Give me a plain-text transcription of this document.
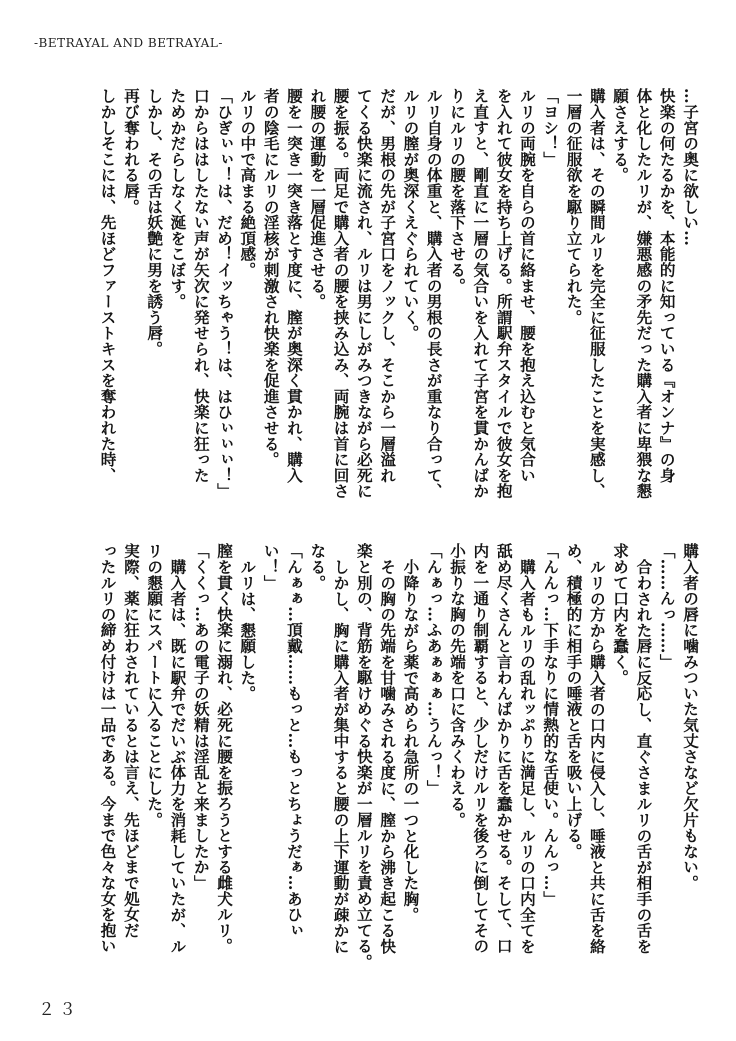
-BETRAYAL AND BETRAYAL-
…子宮の奥に欲しい…
快楽の何たるかを、本能的に知っている『オンナ』の身
体と化したルリが、嫌悪感の矛先だった購入者に卑猥な懇
願さえする。
購入者は、その瞬間ルリを完全に征服したことを実感し、
一層の征服欲を駆り立てられた。
「ヨシ！」
ルリの両腕を自らの首に絡ませ、腰を抱え込むと気合い
を入れて彼女を持ち上げる。所謂駅弁スタイルで彼女を抱
え直すと、剛直に一層の気合いを入れて子宮を貫かんばか
りにルリの腰を落下させる。
ルリ自身の体重と、購入者の男根の長さが重なり合って、
ルリの膣が奥深くえぐられていく。
だが、男根の先が子宮口をノックし、そこから一層溢れ
てくる快楽に流され、ルリは男にしがみつきながら必死に
腰を振る。両足で購入者の腰を挟み込み、両腕は首に回さ
れ腰の運動を一層促進させる。
腰を一突き一突き落とす度に、膣が奥深く貫かれ、購入
者の陰毛にルリの淫核が刺激され快楽を促進させる。
ルリの中で高まる絶頂感。
「ひぎぃぃ！は、だめ！イッちゃう！は、はひぃぃぃ！」
口からははしたない声が矢次に発せられ、快楽に狂った
ためかだらしなく涎をこぼす。
しかし、その舌は妖艶に男を誘う唇。
再び奪われる唇。
しかしそこには、先ほどファーストキスを奪われた時、
購入者の唇に噛みついた気丈さなど欠片もない。
「……んっ……」
合わされた唇に反応し、直ぐさまルリの舌が相手の舌を
求めて口内を蠢く。
ルリの方から購入者の口内に侵入し、唾液と共に舌を絡
め、積極的に相手の唾液と舌を吸い上げる。
「んんっ…下手なりに情熱的な舌使い。んんっ…」
購入者もルリの乱れッぷりに満足し、ルリの口内全てを
舐め尽くさんと言わんばかりに舌を蠢かせる。そして、口
内を一通り制覇すると、少しだけルリを後ろに倒してその
小振りな胸の先端を口に含みくわえる。
「んぁっ…ふあぁぁぁ…うんっ！」
小降りながら薬で高められ急所の一つと化した胸。
その胸の先端を甘噛みされる度に、膣から沸き起こる快
楽と別の、背筋を駆けめぐる快楽が一層ルリを責め立てる。
しかし、胸に購入者が集中すると腰の上下運動が疎かに
なる。
「んぁぁ…頂戴……もっと…もっとちょうだぁ…あひぃ
い！」
ルリは、懇願した。
膣を貫く快楽に溺れ、必死に腰を振ろうとする雌犬ルリ。
「くくっ…あの電子の妖精は淫乱と来ましたか」
購入者は、既に駅弁でだいぶ体力を消耗していたが、ル
リの懇願にスパートに入ることにした。
実際、薬に狂わされているとは言え、先ほどまで処女だ
ったルリの締め付けは一品である。今まで色々な女を抱い
２３
